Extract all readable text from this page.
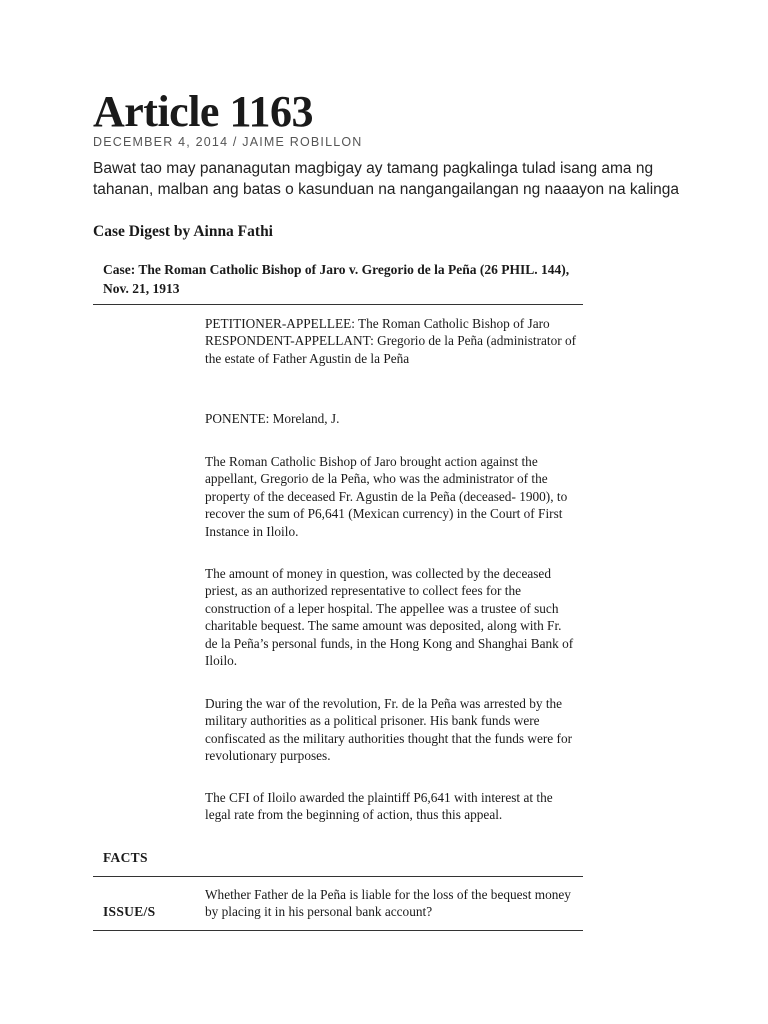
Article 1163
DECEMBER 4, 2014 / JAIME ROBILLON

Bawat tao may pananagutan magbigay ay tamang pagkalinga tulad isang ama ng tahanan, malban ang batas o kasunduan na nangangailangan ng naaayon na kalinga

Case Digest by Ainna Fathi

Case: The Roman Catholic Bishop of Jaro v. Gregorio de la Peña (26 PHIL. 144), Nov. 21, 1913

PETITIONER-APPELLEE: The Roman Catholic Bishop of Jaro

RESPONDENT-APPELLANT: Gregorio de la Peña (administrator of the estate of Father Agustin de la Peña

PONENTE: Moreland, J.
The Roman Catholic Bishop of Jaro brought action against the appellant, Gregorio de la Peña, who was the administrator of the property of the deceased Fr. Agustin de la Peña (deceased- 1900), to recover the sum of P6,641 (Mexican currency) in the Court of First Instance in Iloilo.
The amount of money in question, was collected by the deceased priest, as an authorized representative to collect fees for the construction of a leper hospital. The appellee was a trustee of such charitable bequest. The same amount was deposited, along with Fr. de la Peña’s personal funds, in the Hong Kong and Shanghai Bank of Iloilo.
During the war of the revolution, Fr. de la Peña was arrested by the military authorities as a political prisoner. His bank funds were confiscated as the military authorities thought that the funds were for revolutionary purposes.
The CFI of Iloilo awarded the plaintiff P6,641 with interest at the legal rate from the beginning of action, thus this appeal.
FACTS
ISSUE/S
Whether Father de la Peña is liable for the loss of the bequest money by placing it in his personal bank account?
